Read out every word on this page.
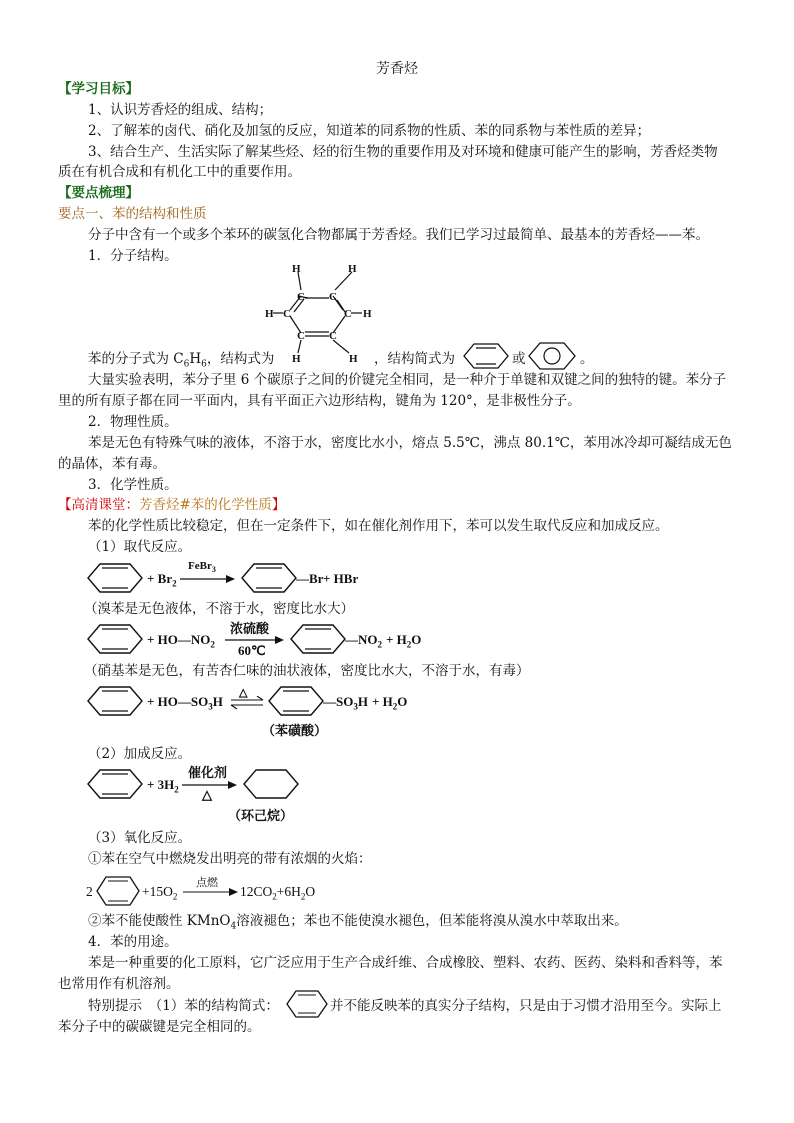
芳香烃
【学习目标】
1、认识芳香烃的组成、结构；
2、了解苯的卤代、硝化及加氢的反应，知道苯的同系物的性质、苯的同系物与苯性质的差异；
3、结合生产、生活实际了解某些烃、烃的衍生物的重要作用及对环境和健康可能产生的影响，芳香烃类物
质在有机合成和有机化工中的重要作用。
【要点梳理】
要点一、苯的结构和性质
分子中含有一个或多个苯环的碳氢化合物都属于芳香烃。我们已学习过最简单、最基本的芳香烃——苯。
1．分子结构。
H	H
C C
H C	C H
C C
H	H
苯的分子式为 $C_6H_6$，结构式为	，结构简式为	或	。
大量实验表明，苯分子里 6 个碳原子之间的价键完全相同，是一种介于单键和双键之间的独特的键。苯分子
里的所有原子都在同一平面内，具有平面正六边形结构，键角为 120°，是非极性分子。
2．物理性质。
苯是无色有特殊气味的液体，不溶于水，密度比水小，熔点 5.5℃，沸点 80.1℃，苯用冰冷却可凝结成无色
的晶体，苯有毒。
3．化学性质。
【高清课堂：芳香烃#苯的化学性质】
苯的化学性质比较稳定，但在一定条件下，如在催化剂作用下，苯可以发生取代反应和加成反应。
（1）取代反应。
+ $Br_2$
FeBr$_3$
—Br + HBr
（溴苯是无色液体，不溶于水，密度比水大）
+ $HO—NO_2$
浓硫酸
60℃
$—NO_2 + H_2O$
（硝基苯是无色，有苦杏仁味的油状液体，密度比水大，不溶于水，有毒）
+ $HO—SO_3H$
△
$—SO_3H + H_2O$
（苯磺酸）
（2）加成反应。
+ $3H_2$
催化剂
△
（环己烷）
（3）氧化反应。
①苯在空气中燃烧发出明亮的带有浓烟的火焰：
2	$+15O_2$
点燃
$12CO_2+6H_2O$
②苯不能使酸性 KMnO$_4$溶液褪色；苯也不能使溴水褪色，但苯能将溴从溴水中萃取出来。
4．苯的用途。
苯是一种重要的化工原料，它广泛应用于生产合成纤维、合成橡胶、塑料、农药、医药、染料和香料等，苯
也常用作有机溶剂。
特别提示　（1）苯的结构简式：	并不能反映苯的真实分子结构，只是由于习惯才沿用至今。实际上
苯分子中的碳碳键是完全相同的。
